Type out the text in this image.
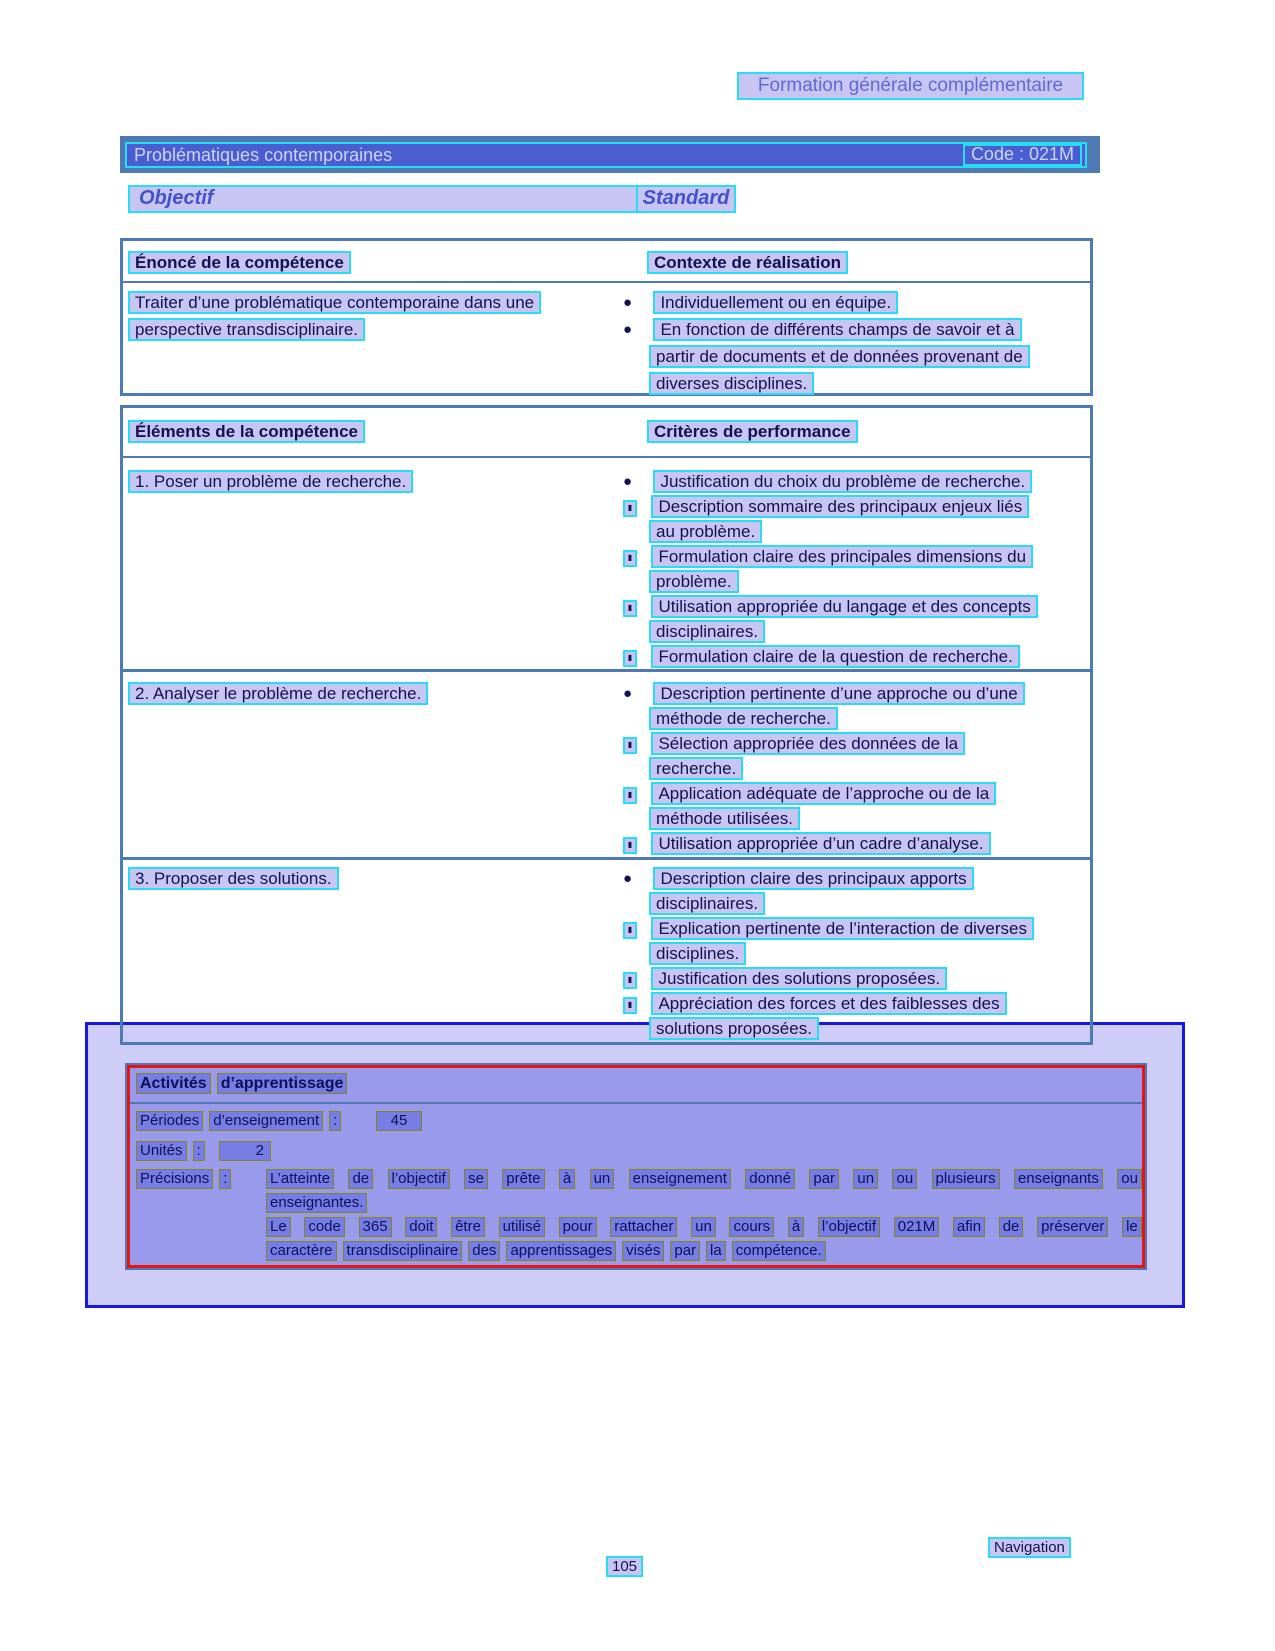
Formation générale complémentaire
Problématiques contemporaines	Code : 021M
Objectif	Standard
Énoncé de la compétence	Contexte de réalisation
Traiter d’une problématique contemporaine dans une
perspective transdisciplinaire.
● Individuellement ou en équipe.
● En fonction de différents champs de savoir et à
partir de documents et de données provenant de
diverses disciplines.
Éléments de la compétence	Critères de performance
1. Poser un problème de recherche.	● Justification du choix du problème de recherche.
▮ Description sommaire des principaux enjeux liés
au problème.
▮ Formulation claire des principales dimensions du
problème.
▮ Utilisation appropriée du langage et des concepts
disciplinaires.
▮ Formulation claire de la question de recherche.
2. Analyser le problème de recherche.	● Description pertinente d’une approche ou d’une
méthode de recherche.
▮ Sélection appropriée des données de la
recherche.
▮ Application adéquate de l’approche ou de la
méthode utilisées.
▮ Utilisation appropriée d’un cadre d’analyse.
3. Proposer des solutions.	● Description claire des principaux apports
disciplinaires.
▮ Explication pertinente de l’interaction de diverses
disciplines.
▮ Justification des solutions proposées.
▮ Appréciation des forces et des faiblesses des
solutions proposées.
Activités d’apprentissage
Périodes d’enseignement :	45
Unités :	2
Précisions :	L’atteinte de l’objectif se prête à un enseignement donné par un ou plusieurs enseignants ou
enseignantes.
Le code 365 doit être utilisé pour rattacher un cours à l’objectif 021M afin de préserver le
caractère transdisciplinaire des apprentissages visés par la compétence.
Navigation
105
